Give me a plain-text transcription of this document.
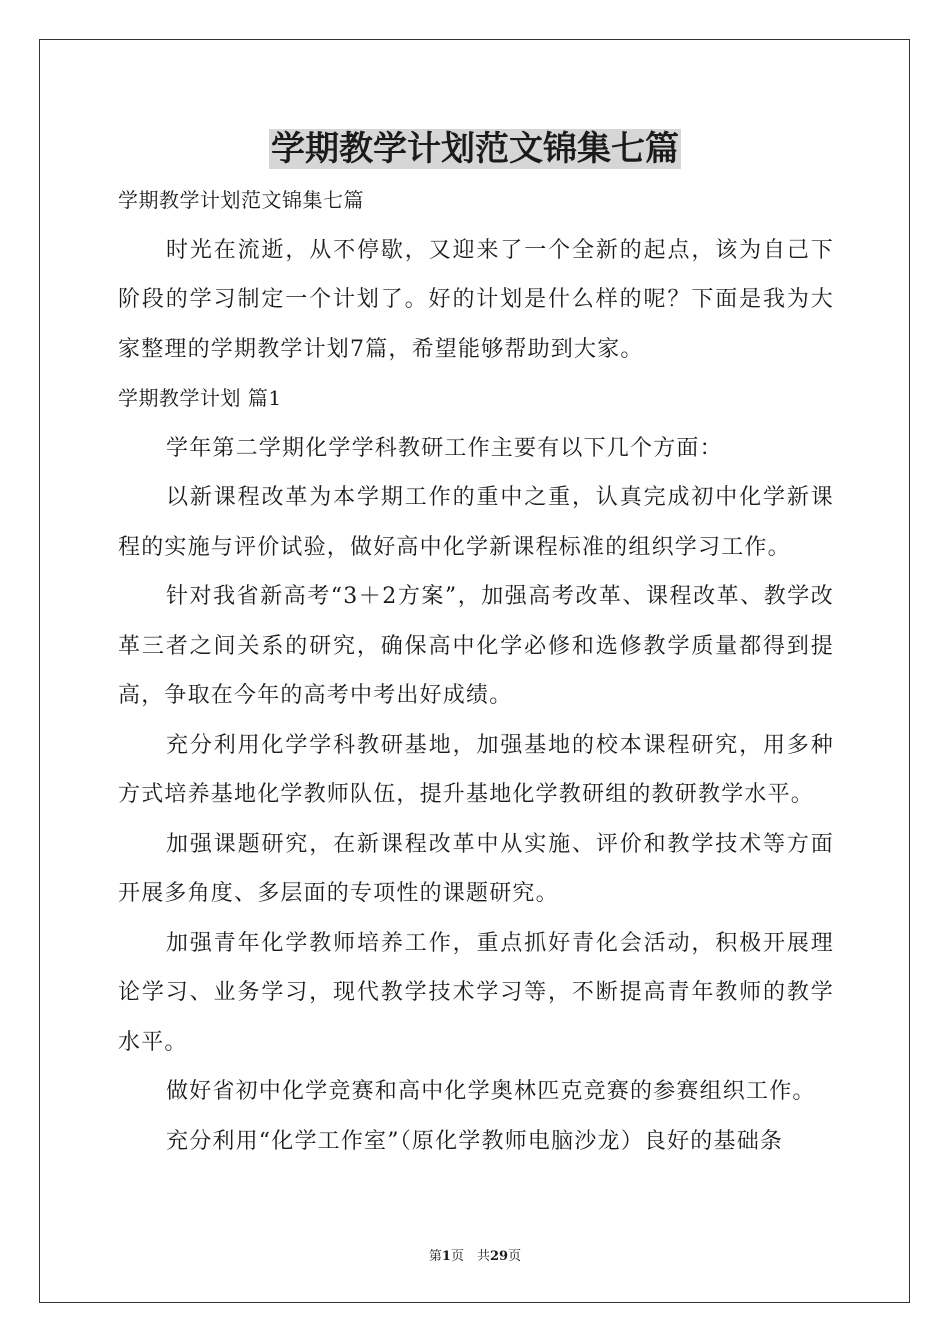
学期教学计划范文锦集七篇

学期教学计划范文锦集七篇

时光在流逝，从不停歇，又迎来了一个全新的起点，该为自己下阶段的学习制定一个计划了。好的计划是什么样的呢？下面是我为大家整理的学期教学计划7篇，希望能够帮助到大家。

学期教学计划 篇1

学年第二学期化学学科教研工作主要有以下几个方面：

以新课程改革为本学期工作的重中之重，认真完成初中化学新课程的实施与评价试验，做好高中化学新课程标准的组织学习工作。

针对我省新高考“3＋2方案”，加强高考改革、课程改革、教学改革三者之间关系的研究，确保高中化学必修和选修教学质量都得到提高，争取在今年的高考中考出好成绩。

充分利用化学学科教研基地，加强基地的校本课程研究，用多种方式培养基地化学教师队伍，提升基地化学教研组的教研教学水平。

加强课题研究，在新课程改革中从实施、评价和教学技术等方面开展多角度、多层面的专项性的课题研究。

加强青年化学教师培养工作，重点抓好青化会活动，积极开展理论学习、业务学习，现代教学技术学习等，不断提高青年教师的教学水平。

做好省初中化学竞赛和高中化学奥林匹克竞赛的参赛组织工作。

充分利用“化学工作室”（原化学教师电脑沙龙）良好的基础条

第1页　共29页
